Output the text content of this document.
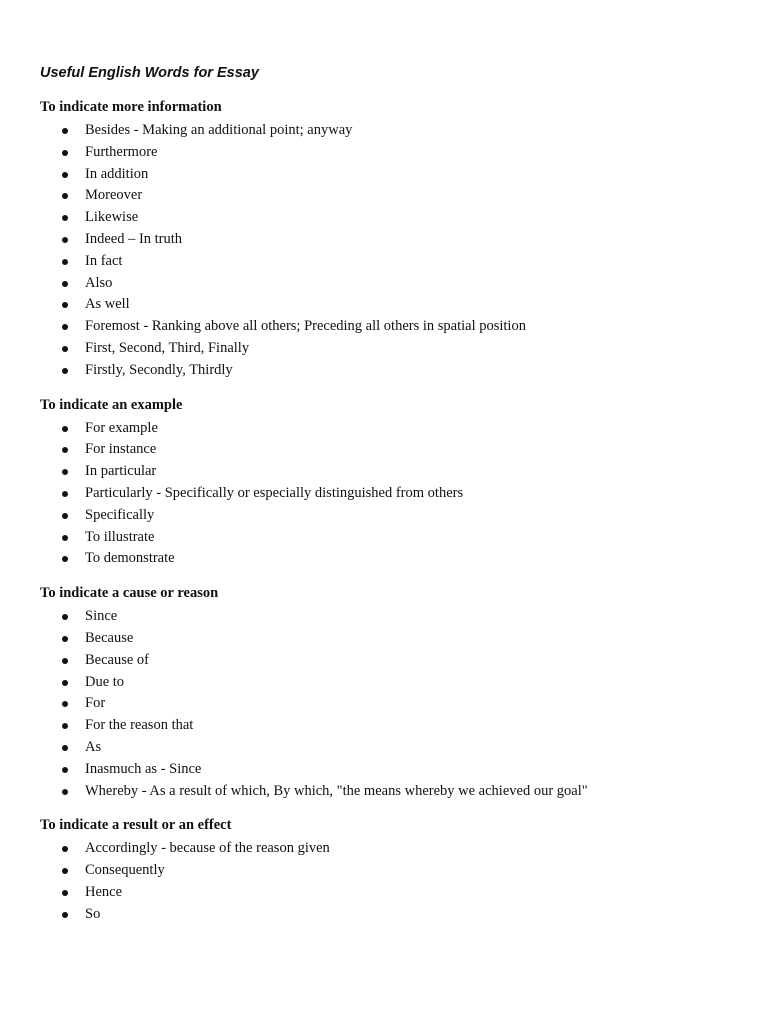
Useful English Words for Essay
To indicate more information
Besides - Making an additional point; anyway
Furthermore
In addition
Moreover
Likewise
Indeed – In truth
In fact
Also
As well
Foremost - Ranking above all others; Preceding all others in spatial position
First, Second, Third, Finally
Firstly, Secondly, Thirdly
To indicate an example
For example
For instance
In particular
Particularly - Specifically or especially distinguished from others
Specifically
To illustrate
To demonstrate
To indicate a cause or reason
Since
Because
Because of
Due to
For
For the reason that
As
Inasmuch as - Since
Whereby - As a result of which, By which, "the means whereby we achieved our goal"
To indicate a result or an effect
Accordingly - because of the reason given
Consequently
Hence
So
